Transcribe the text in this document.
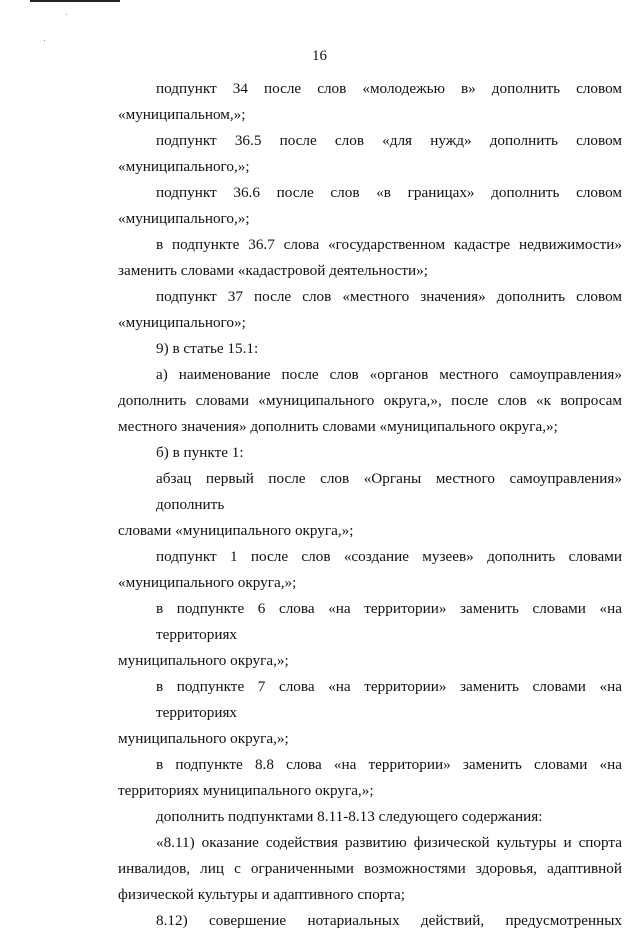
16
подпункт 34 после слов «молодежью в» дополнить словом
«муниципальном,»;
подпункт 36.5 после слов «для нужд» дополнить словом
«муниципального,»;
подпункт 36.6 после слов «в границах» дополнить словом
«муниципального,»;
в подпункте 36.7 слова «государственном кадастре недвижимости»
заменить словами «кадастровой деятельности»;
подпункт 37 после слов «местного значения» дополнить словом
«муниципального»;
9) в статье 15.1:
а) наименование после слов «органов местного самоуправления»
дополнить словами «муниципального округа,», после слов «к вопросам
местного значения» дополнить словами «муниципального округа,»;
б) в пункте 1:
абзац первый после слов «Органы местного самоуправления» дополнить
словами «муниципального округа,»;
подпункт 1 после слов «создание музеев» дополнить словами
«муниципального округа,»;
в подпункте 6 слова «на территории» заменить словами «на территориях
муниципального округа,»;
в подпункте 7 слова «на территории» заменить словами «на территориях
муниципального округа,»;
в подпункте 8.8 слова «на территории» заменить словами «на
территориях муниципального округа,»;
дополнить подпунктами 8.11-8.13 следующего содержания:
«8.11) оказание содействия развитию физической культуры и спорта
инвалидов, лиц с ограниченными возможностями здоровья, адаптивной
физической культуры и адаптивного спорта;
8.12) совершение нотариальных действий, предусмотренных
